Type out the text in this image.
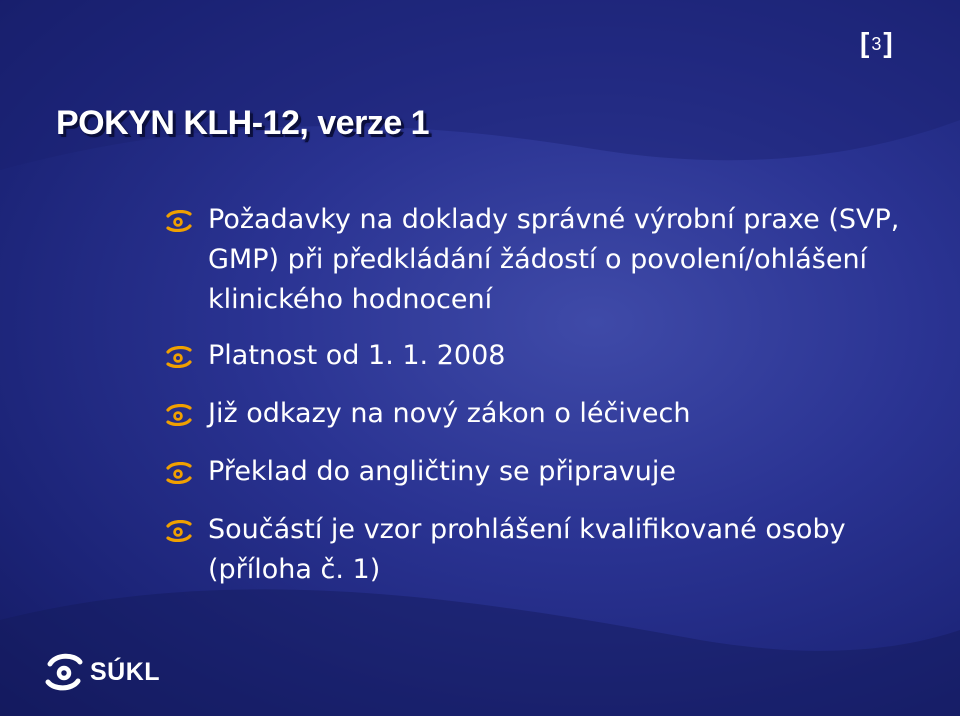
[ 3]
POKYN KLH-12, verze 1
Požadavky na doklady správné výrobní praxe (SVP, GMP) při předkládání žádostí o povolení/ohlášení klinického hodnocení
Platnost od 1. 1. 2008
Již odkazy na nový zákon o léčivech
Překlad do angličtiny se připravuje
Součástí je vzor prohlášení kvalifikované osoby (příloha č. 1)
SÚKL
